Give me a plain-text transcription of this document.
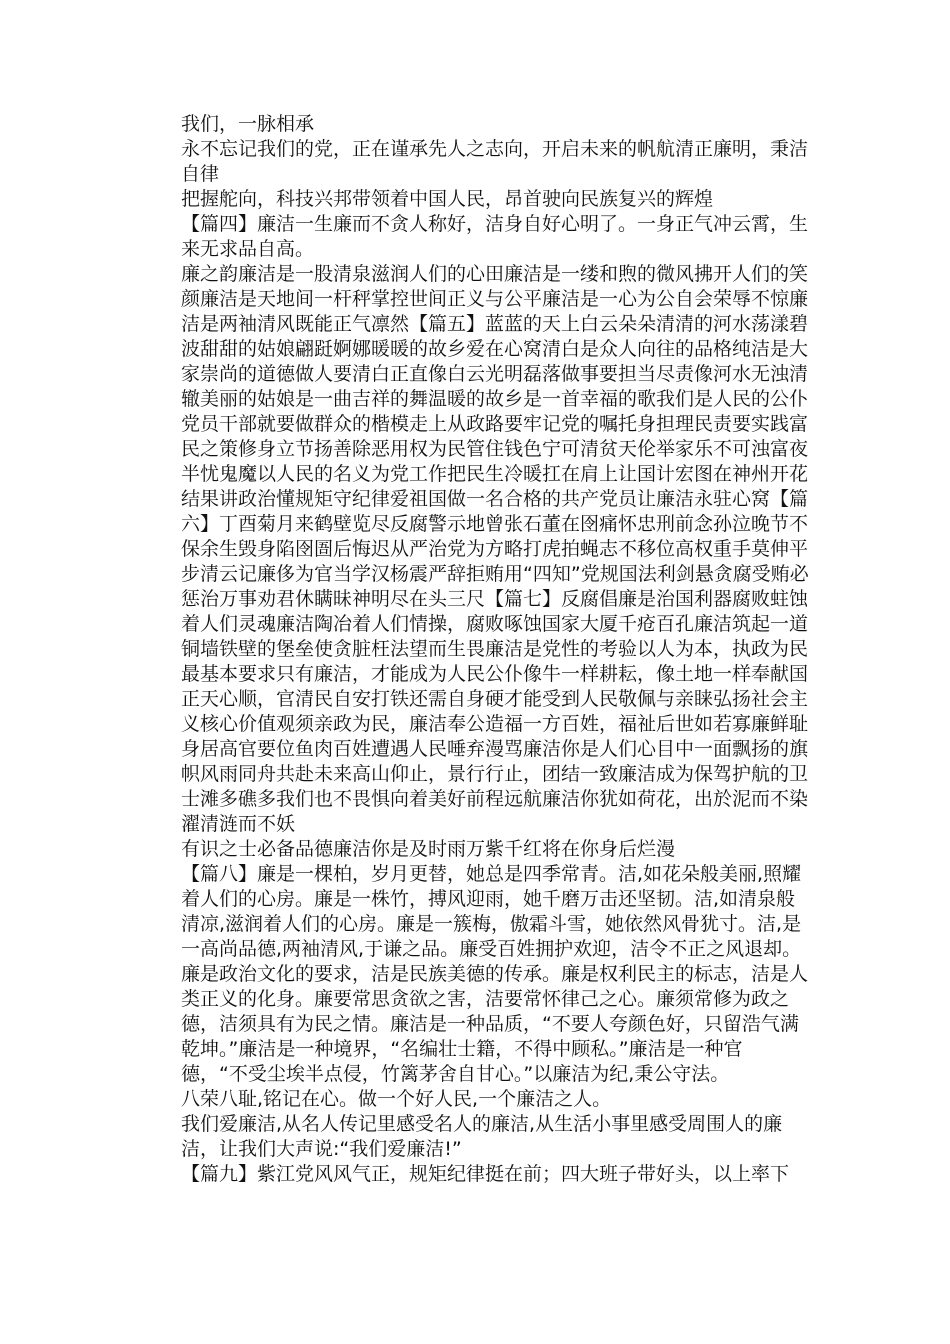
我们，一脉相承

永不忘记我们的党，正在谨承先人之志向，开启未来的帆航清正廉明，秉洁自律

把握舵向，科技兴邦带领着中国人民，昂首驶向民族复兴的辉煌

【篇四】廉洁一生廉而不贪人称好，洁身自好心明了。一身正气冲云霄，生来无求品自高。

廉之韵廉洁是一股清泉滋润人们的心田廉洁是一缕和煦的微风拂开人们的笑颜廉洁是天地间一杆秤掌控世间正义与公平廉洁是一心为公自会荣辱不惊廉洁是两袖清风既能正气凛然【篇五】蓝蓝的天上白云朵朵清清的河水荡漾碧波甜甜的姑娘翩跹婀娜暖暖的故乡爱在心窝清白是众人向往的品格纯洁是大家崇尚的道德做人要清白正直像白云光明磊落做事要担当尽责像河水无浊清辙美丽的姑娘是一曲吉祥的舞温暖的故乡是一首幸福的歌我们是人民的公仆党员干部就要做群众的楷模走上从政路要牢记党的嘱托身担理民责要实践富民之策修身立节扬善除恶用权为民管住钱色宁可清贫天伦举家乐不可浊富夜半忧鬼魔以人民的名义为党工作把民生冷暖扛在肩上让国计宏图在神州开花结果讲政治懂规矩守纪律爱祖国做一名合格的共产党员让廉洁永驻心窝【篇六】丁酉菊月来鹤壁览尽反腐警示地曾张石董在囹痛怀忠刑前念孙泣晚节不保余生毁身陷囹圄后悔迟从严治党为方略打虎拍蝇志不移位高权重手莫伸平步清云记廉侈为官当学汉杨震严辞拒贿用“四知”党规国法利剑悬贪腐受贿必惩治万事劝君休瞒昧神明尽在头三尺【篇七】反腐倡廉是治国利器腐败蛀蚀着人们灵魂廉洁陶冶着人们情操，腐败啄蚀国家大厦千疮百孔廉洁筑起一道铜墙铁壁的堡垒使贪脏枉法望而生畏廉洁是党性的考验以人为本，执政为民最基本要求只有廉洁，才能成为人民公仆像牛一样耕耘，像土地一样奉献国正天心顺，官清民自安打铁还需自身硬才能受到人民敬佩与亲睐弘扬社会主义核心价值观须亲政为民，廉洁奉公造福一方百姓，福祉后世如若寡廉鲜耻身居高官要位鱼肉百姓遭遇人民唾弃漫骂廉洁你是人们心目中一面飘扬的旗帜风雨同舟共赴未来高山仰止，景行行止，团结一致廉洁成为保驾护航的卫士滩多礁多我们也不畏惧向着美好前程远航廉洁你犹如荷花，出於泥而不染濯清涟而不妖

有识之士必备品德廉洁你是及时雨万紫千红将在你身后烂漫

【篇八】廉是一棵柏，岁月更替，她总是四季常青。洁,如花朵般美丽,照耀着人们的心房。廉是一株竹，搏风迎雨，她千磨万击还坚韧。洁,如清泉般清凉,滋润着人们的心房。廉是一簇梅，傲霜斗雪，她依然风骨犹寸。洁,是一高尚品德,两袖清风,于谦之品。廉受百姓拥护欢迎，洁令不正之风退却。廉是政治文化的要求，洁是民族美德的传承。廉是权利民主的标志，洁是人类正义的化身。廉要常思贪欲之害，洁要常怀律己之心。廉须常修为政之德，洁须具有为民之情。廉洁是一种品质，“不要人夸颜色好，只留浩气满乾坤。”廉洁是一种境界，“名编壮士籍，不得中顾私。”廉洁是一种官德，“不受尘埃半点侵，竹篱茅舍自甘心。”以廉洁为纪,秉公守法。

八荣八耻,铭记在心。做一个好人民,一个廉洁之人。

我们爱廉洁,从名人传记里感受名人的廉洁,从生活小事里感受周围人的廉洁，让我们大声说:“我们爱廉洁!”

【篇九】紫江党风风气正，规矩纪律挺在前；四大班子带好头，以上率下
